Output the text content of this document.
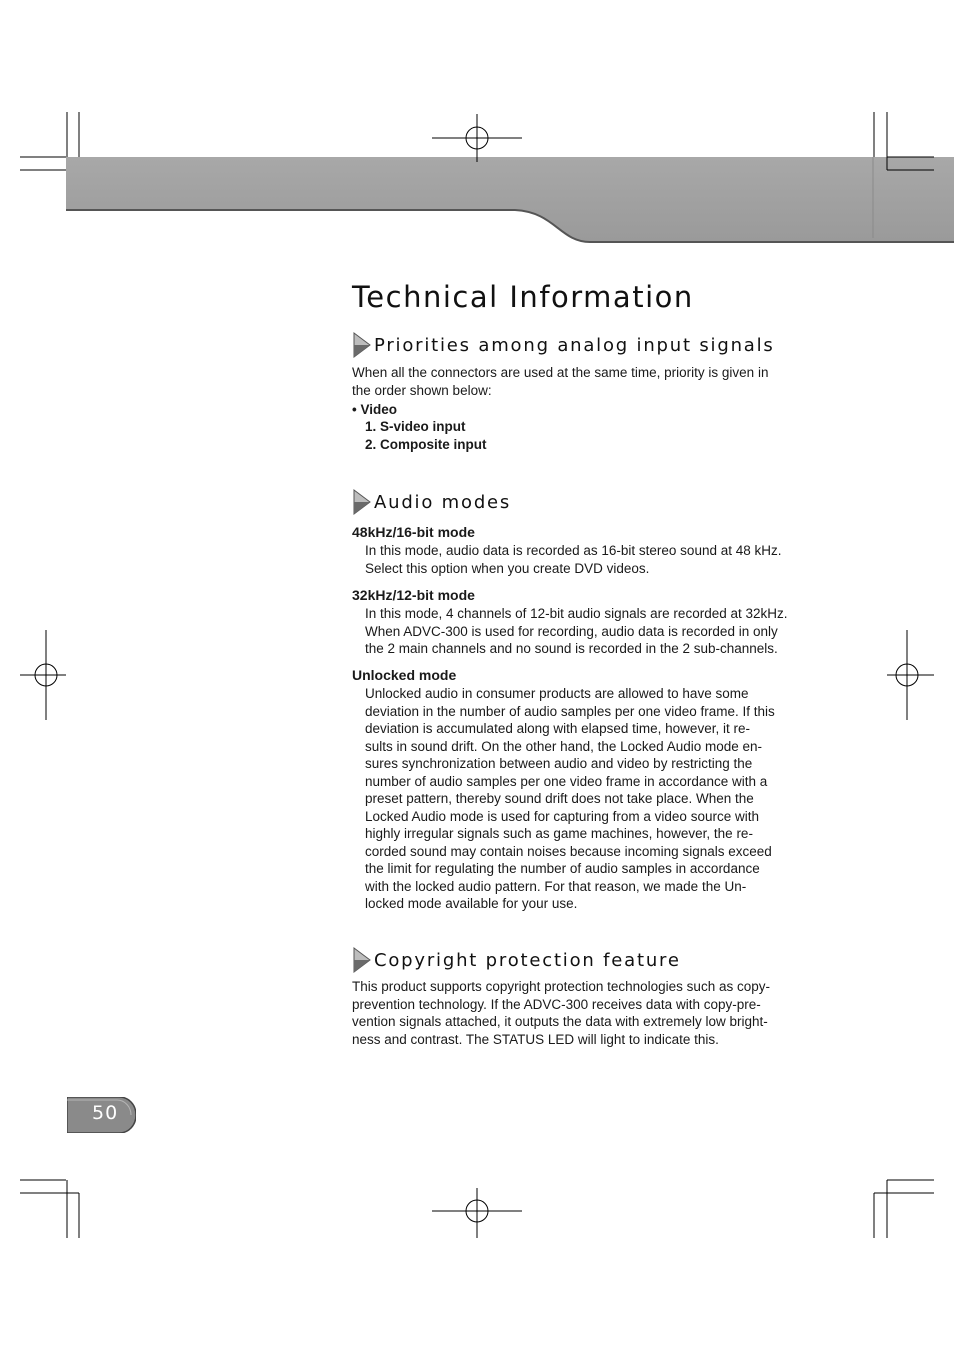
Technical Information
Priorities among analog input signals
When all the connectors are used at the same time, priority is given in
the order shown below:
• Video
1. S-video input
2. Composite input
Audio modes
48kHz/16-bit mode
In this mode, audio data is recorded as 16-bit stereo sound at 48 kHz.
Select this option when you create DVD videos.
32kHz/12-bit mode
In this mode, 4 channels of 12-bit audio signals are recorded at 32kHz.
When ADVC-300 is used for recording, audio data is recorded in only
the 2 main channels and no sound is recorded in the 2 sub-channels.
Unlocked mode
Unlocked audio in consumer products are allowed to have some
deviation in the number of audio samples per one video frame. If this
deviation is accumulated along with elapsed time, however, it re-
sults in sound drift. On the other hand, the Locked Audio mode en-
sures synchronization between audio and video by restricting the
number of audio samples per one video frame in accordance with a
preset pattern, thereby sound drift does not take place. When the
Locked Audio mode is used for capturing from a video source with
highly irregular signals such as game machines, however, the re-
corded sound may contain noises because incoming signals exceed
the limit for regulating the number of audio samples in accordance
with the locked audio pattern. For that reason, we made the Un-
locked mode available for your use.
Copyright protection feature
This product supports copyright protection technologies such as copy-
prevention technology. If the ADVC-300 receives data with copy-pre-
vention signals attached, it outputs the data with extremely low bright-
ness and contrast. The STATUS LED will light to indicate this.
50
